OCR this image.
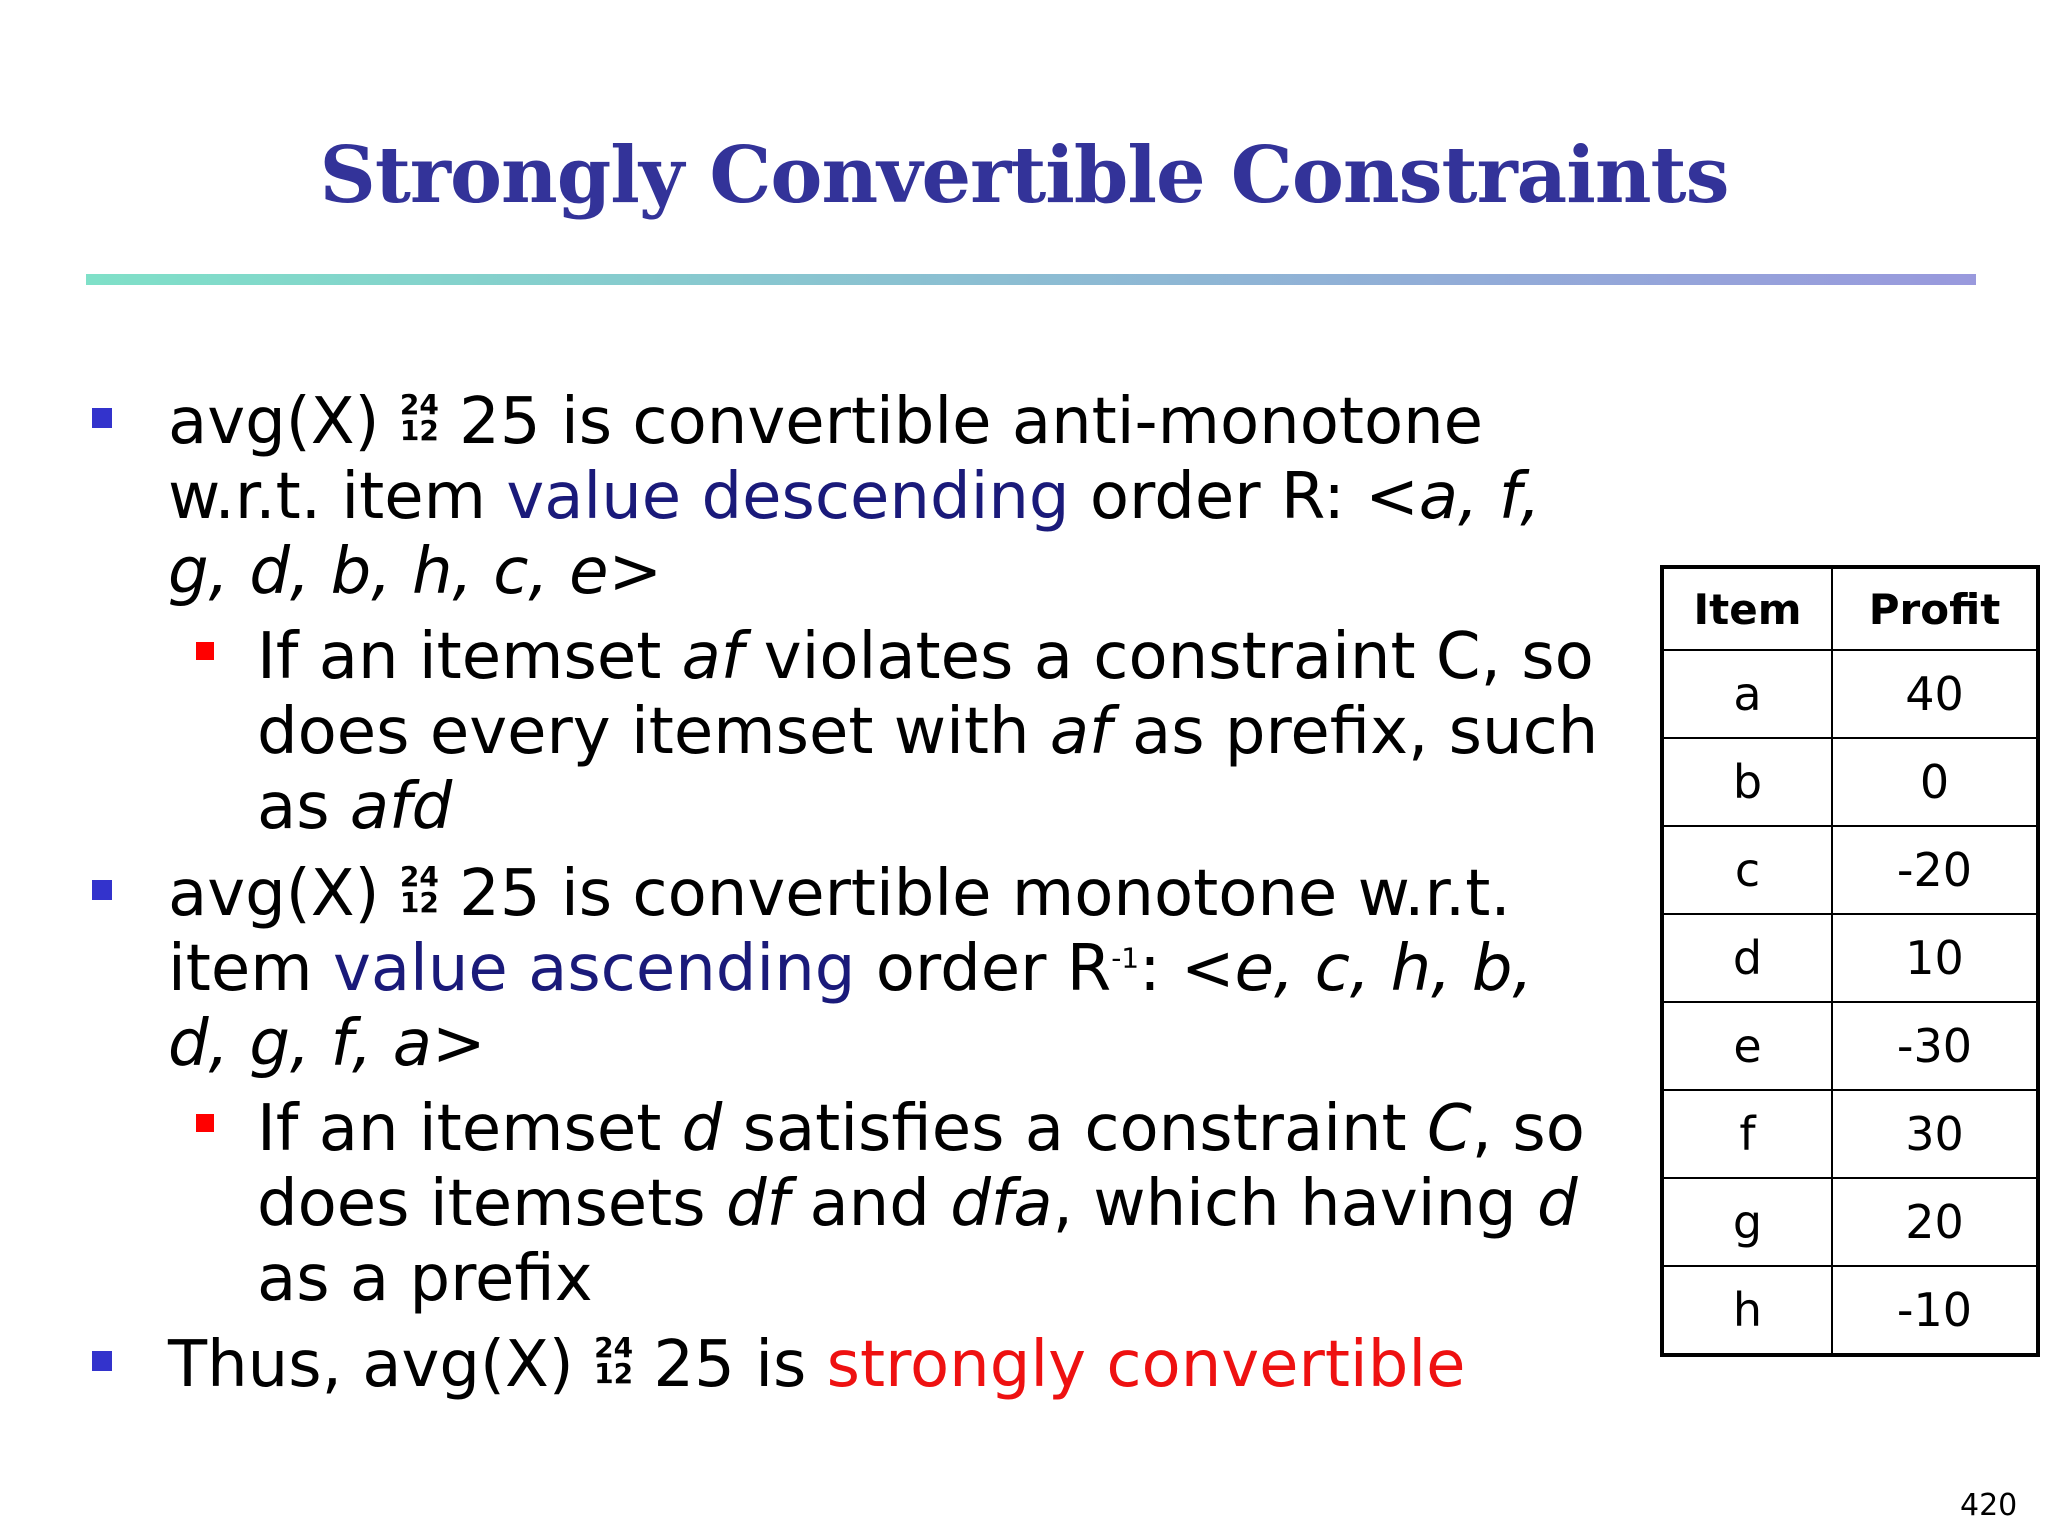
Strongly Convertible Constraints
avg(X) 24
12 25 is convertible anti-monotone w.r.t. item value descending order R: <a, f, g, d, b, h, c, e>
If an itemset af violates a constraint C, so does every itemset with af as prefix, such as afd
avg(X) 24
12 25 is convertible monotone w.r.t. item value ascending order $R^{-1}$: <e, c, h, b, d, g, f, a>
If an itemset d satisfies a constraint C, so does itemsets df and dfa, which having d as a prefix
Thus, avg(X) 24
12 25 is strongly convertible
Item	Profit
a	40
b	0
c	-20
d	10
e	-30
f	30
g	20
h	-10
420
